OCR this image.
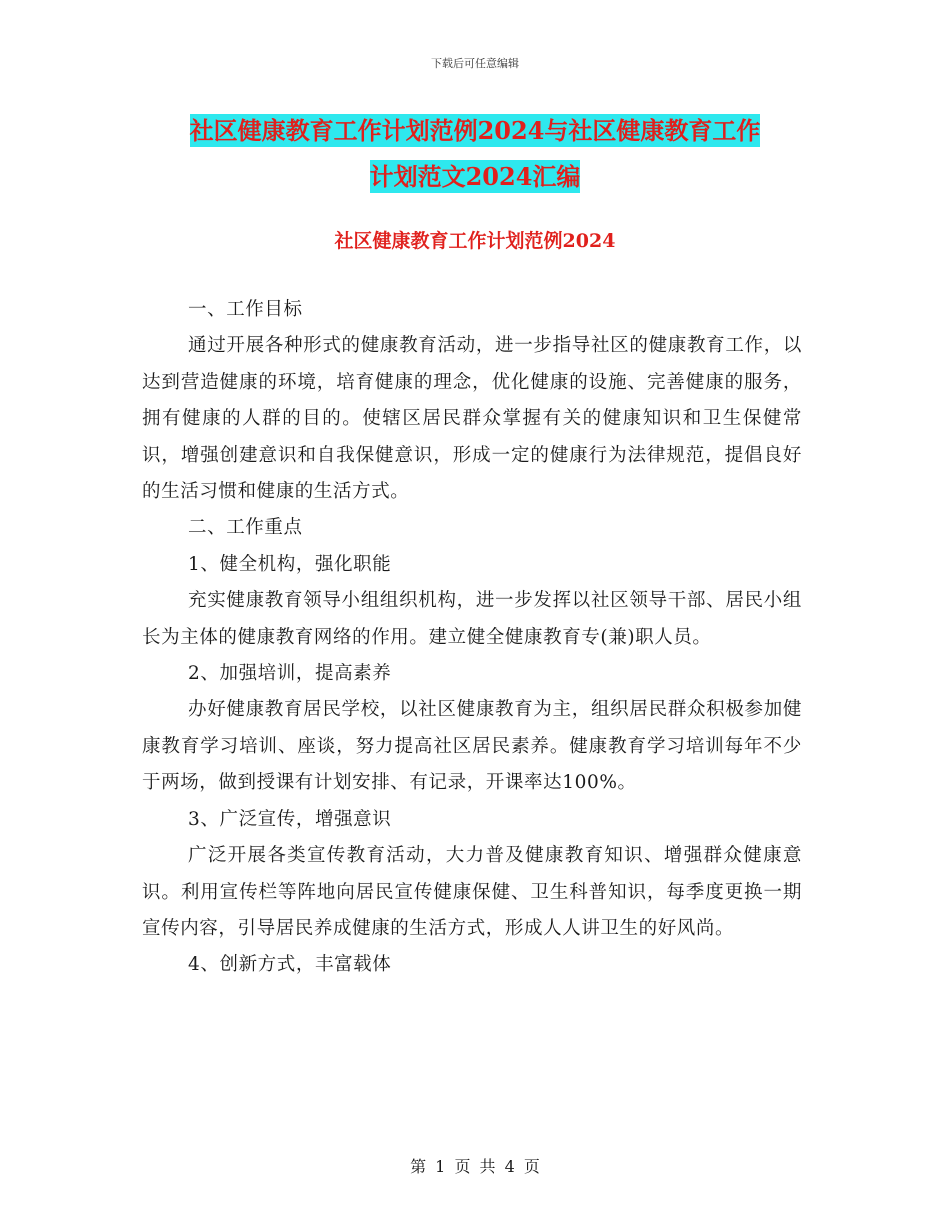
下载后可任意编辑
社区健康教育工作计划范例2024与社区健康教育工作
计划范文2024汇编
社区健康教育工作计划范例2024

一、工作目标

通过开展各种形式的健康教育活动，进一步指导社区的健康教育工作，以达到营造健康的环境，培育健康的理念，优化健康的设施、完善健康的服务，拥有健康的人群的目的。使辖区居民群众掌握有关的健康知识和卫生保健常识，增强创建意识和自我保健意识，形成一定的健康行为法律规范，提倡良好的生活习惯和健康的生活方式。

二、工作重点

1、健全机构，强化职能

充实健康教育领导小组组织机构，进一步发挥以社区领导干部、居民小组长为主体的健康教育网络的作用。建立健全健康教育专(兼)职人员。

2、加强培训，提高素养

办好健康教育居民学校，以社区健康教育为主，组织居民群众积极参加健康教育学习培训、座谈，努力提高社区居民素养。健康教育学习培训每年不少于两场，做到授课有计划安排、有记录，开课率达100%。

3、广泛宣传，增强意识

广泛开展各类宣传教育活动，大力普及健康教育知识、增强群众健康意识。利用宣传栏等阵地向居民宣传健康保健、卫生科普知识，每季度更换一期宣传内容，引导居民养成健康的生活方式，形成人人讲卫生的好风尚。

4、创新方式，丰富载体

第 1 页 共 4 页
